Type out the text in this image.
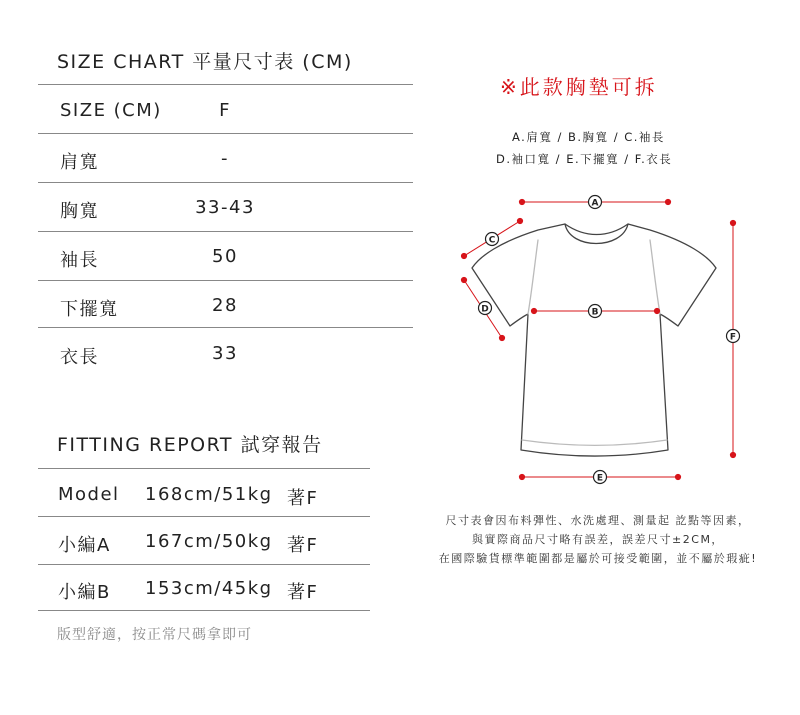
SIZE CHART 平量尺寸表 (CM)
SIZE (CM)	F
肩寬	-
胸寬	33-43
袖長	50
下擺寬	28
衣長	33
FITTING REPORT 試穿報告
Model 168cm/51kg 著F
小編A 167cm/50kg 著F
小編B 153cm/45kg 著F
版型舒適，按正常尺碼拿即可
※此款胸墊可拆
A.肩寬 / B.胸寬 / C.袖長
D.袖口寬 / E.下擺寬 / F.衣長
A
B
C
D
E
F
尺寸表會因布料彈性、水洗處理、測量起 訖點等因素，
與實際商品尺寸略有誤差，誤差尺寸±2CM，
在國際驗貨標準範圍都是屬於可接受範圍，並不屬於瑕疵!
